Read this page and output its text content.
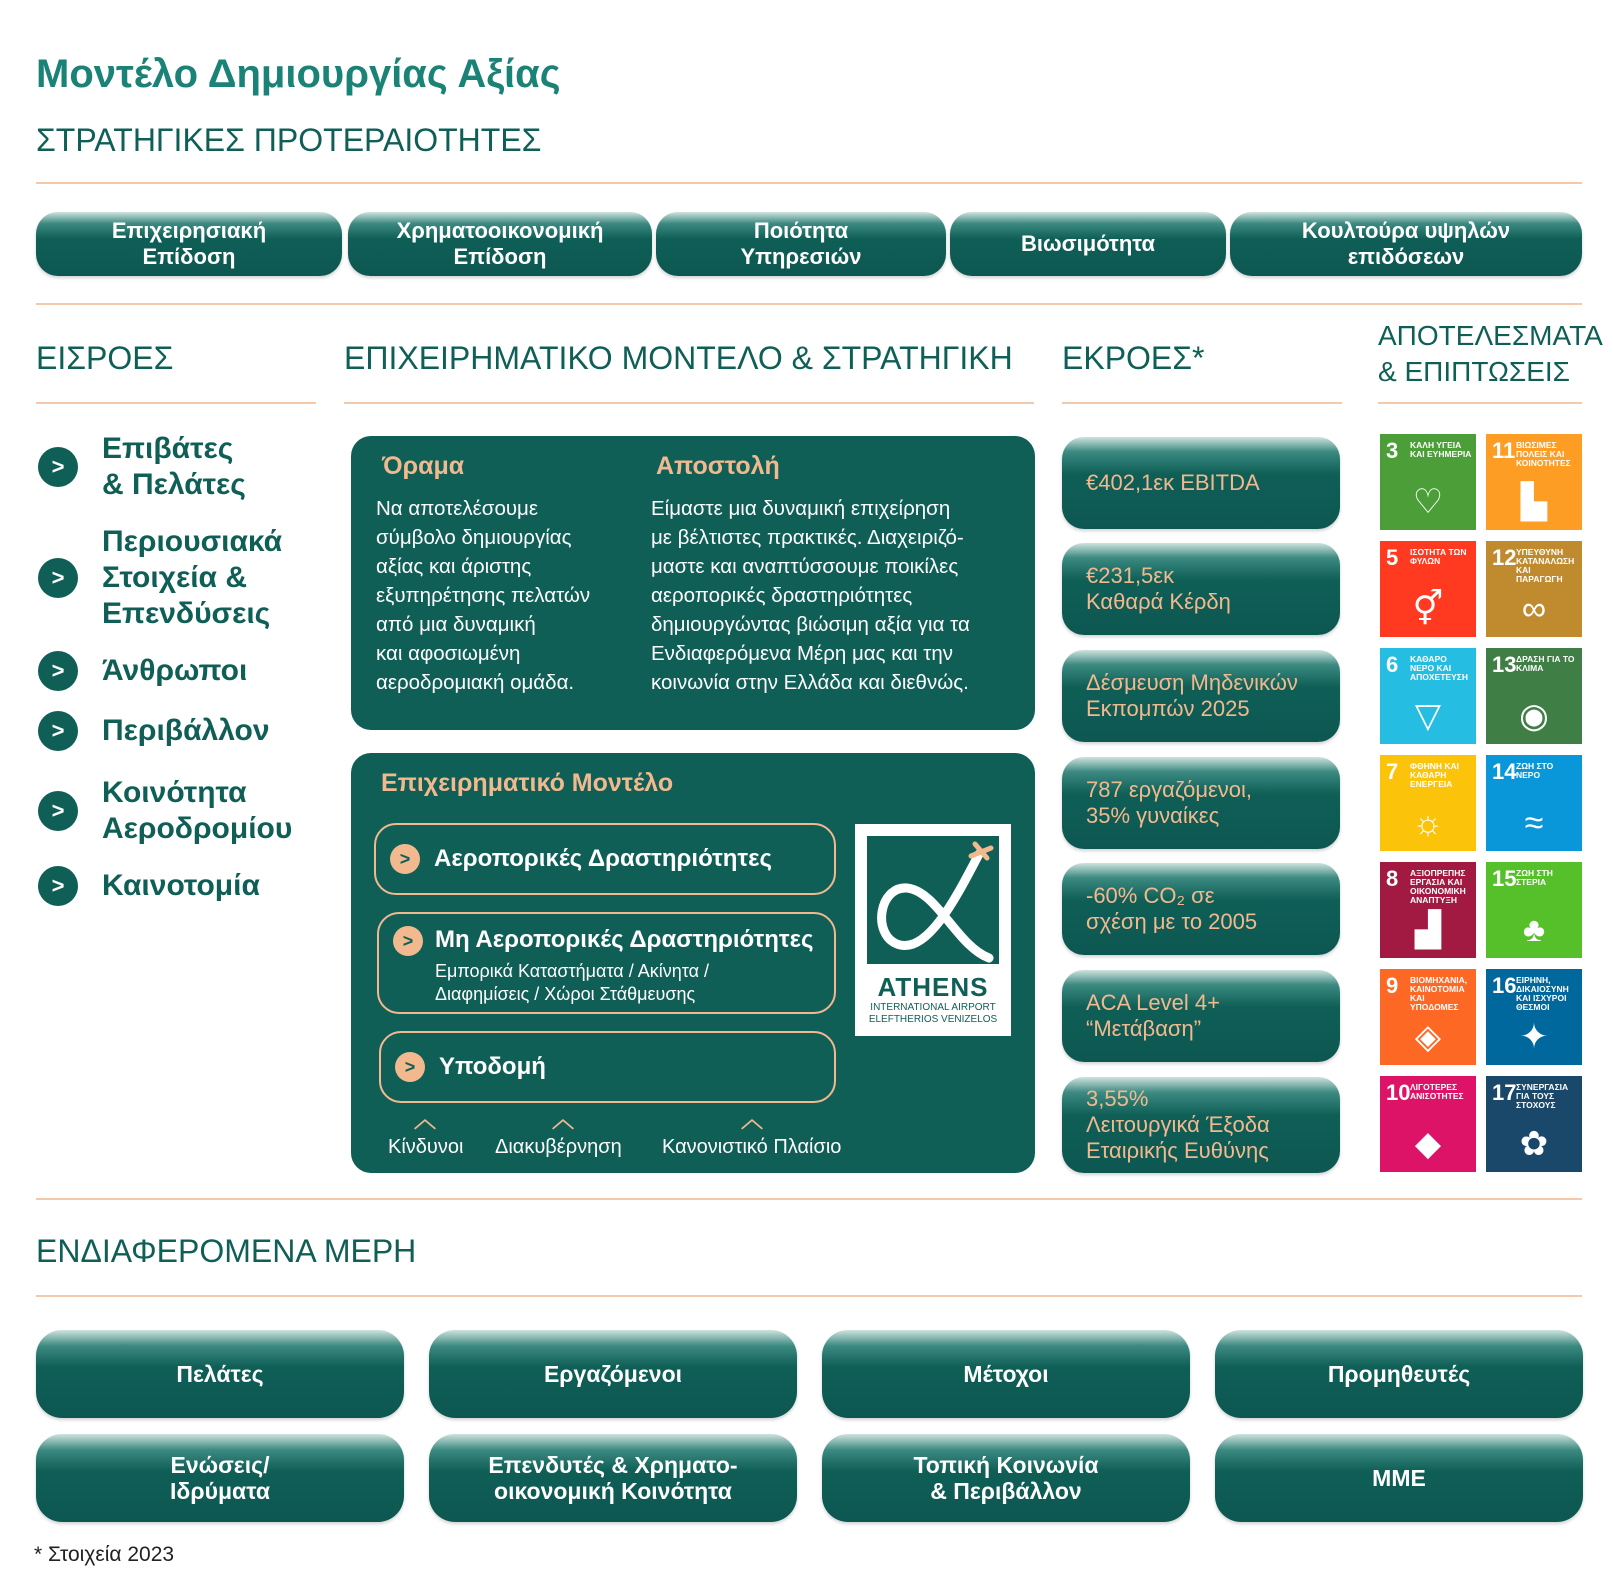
Μοντέλο Δημιουργίας Αξίας
ΣΤΡΑΤΗΓΙΚΕΣ ΠΡΟΤΕΡΑΙΟΤΗΤΕΣ
Επιχειρησιακή
Επίδοση
Χρηματοοικονομική
Επίδοση
Ποιότητα
Υπηρεσιών
Βιωσιμότητα
Κουλτούρα υψηλών
επιδόσεων
ΕΙΣΡΟΕΣ	ΕΠΙΧΕΙΡΗΜΑΤΙΚΟ ΜΟΝΤΕΛΟ & ΣΤΡΑΤΗΓΙΚΗ ΕΚΡΟΕΣ*
ΑΠΟΤΕΛΕΣΜΑΤΑ
& ΕΠΙΠΤΩΣΕΙΣ
>
Επιβάτες
& Πελάτες
>
Περιουσιακά
Στοιχεία &
Επενδύσεις
>	Άνθρωποι
>	Περιβάλλον
>
Κοινότητα
Αεροδρομίου
>	Καινοτομία
Όραμα
Να αποτελέσουμε
σύμβολο δημιουργίας
αξίας και άριστης
εξυπηρέτησης πελατών
από μια δυναμική
και αφοσιωμένη
αεροδρομιακή ομάδα.
Αποστολή
Είμαστε μια δυναμική επιχείρηση
με βέλτιστες πρακτικές. Διαχειριζό-
μαστε και αναπτύσσουμε ποικίλες
αεροπορικές δραστηριότητες
δημιουργώντας βιώσιμη αξία για τα
Ενδιαφερόμενα Μέρη μας και την
κοινωνία στην Ελλάδα και διεθνώς.
Επιχειρηματικό Μοντέλο
> Αεροπορικές Δραστηριότητες
> Μη Αεροπορικές Δραστηριότητες
Εμπορικά Καταστήματα / Ακίνητα /
Διαφημίσεις / Χώροι Στάθμευσης
> Υποδομή
︿	︿	︿
Κίνδυνοι Διακυβέρνηση Κανονιστικό Πλαίσιο
ATHENS
INTERNATIONAL AIRPORT
ELEFTHERIOS VENIZELOS
€402,1εκ EBITDA
€231,5εκ
Καθαρά Κέρδη
Δέσμευση Μηδενικών
Εκπομπών 2025
787 εργαζόμενοι,
35% γυναίκες
-60% CO₂ σε
σχέση με το 2005
ACA Level 4+
“Μετάβαση”
3,55%
Λειτουργικά Έξοδα
Εταιρικής Ευθύνης
3 ΚΑΛΗ ΥΓΕΙΑ ΚΑΙ ΕΥΗΜΕΡΙΑ
♡
11 ΒΙΩΣΙΜΕΣ ΠΟΛΕΙΣ ΚΑΙ ΚΟΙΝΟΤΗΤΕΣ
▙
5 ΙΣΟΤΗΤΑ ΤΩΝ ΦΥΛΩΝ
⚥
12 ΥΠΕΥΘΥΝΗ ΚΑΤΑΝΑΛΩΣΗ ΚΑΙ ΠΑΡΑΓΩΓΗ
∞
6 ΚΑΘΑΡΟ ΝΕΡΟ ΚΑΙ ΑΠΟΧΕΤΕΥΣΗ
▽
13 ΔΡΑΣΗ ΓΙΑ ΤΟ ΚΛΙΜΑ
◉
7 ΦΘΗΝΗ ΚΑΙ ΚΑΘΑΡΗ ΕΝΕΡΓΕΙΑ
☼
14 ΖΩΗ ΣΤΟ ΝΕΡΟ
≈
8 ΑΞΙΟΠΡΕΠΗΣ ΕΡΓΑΣΙΑ ΚΑΙ ΟΙΚΟΝΟΜΙΚΗ ΑΝΑΠΤΥΞΗ
▟
15 ΖΩΗ ΣΤΗ ΣΤΕΡΙΑ
♣
9 ΒΙΟΜΗΧΑΝΙΑ, ΚΑΙΝΟΤΟΜΙΑ ΚΑΙ ΥΠΟΔΟΜΕΣ
◈
16 ΕΙΡΗΝΗ, ΔΙΚΑΙΟΣΥΝΗ ΚΑΙ ΙΣΧΥΡΟΙ ΘΕΣΜΟΙ
✦
10 ΛΙΓΟΤΕΡΕΣ ΑΝΙΣΟΤΗΤΕΣ
◆
17 ΣΥΝΕΡΓΑΣΙΑ ΓΙΑ ΤΟΥΣ ΣΤΟΧΟΥΣ
✿
ΕΝΔΙΑΦΕΡΟΜΕΝΑ ΜΕΡΗ
Πελάτες	Εργαζόμενοι	Μέτοχοι	Προμηθευτές
Ενώσεις/
Ιδρύματα
Επενδυτές & Χρηματο-
οικονομική Κοινότητα
Τοπική Κοινωνία
& Περιβάλλον	ΜΜΕ
* Στοιχεία 2023
